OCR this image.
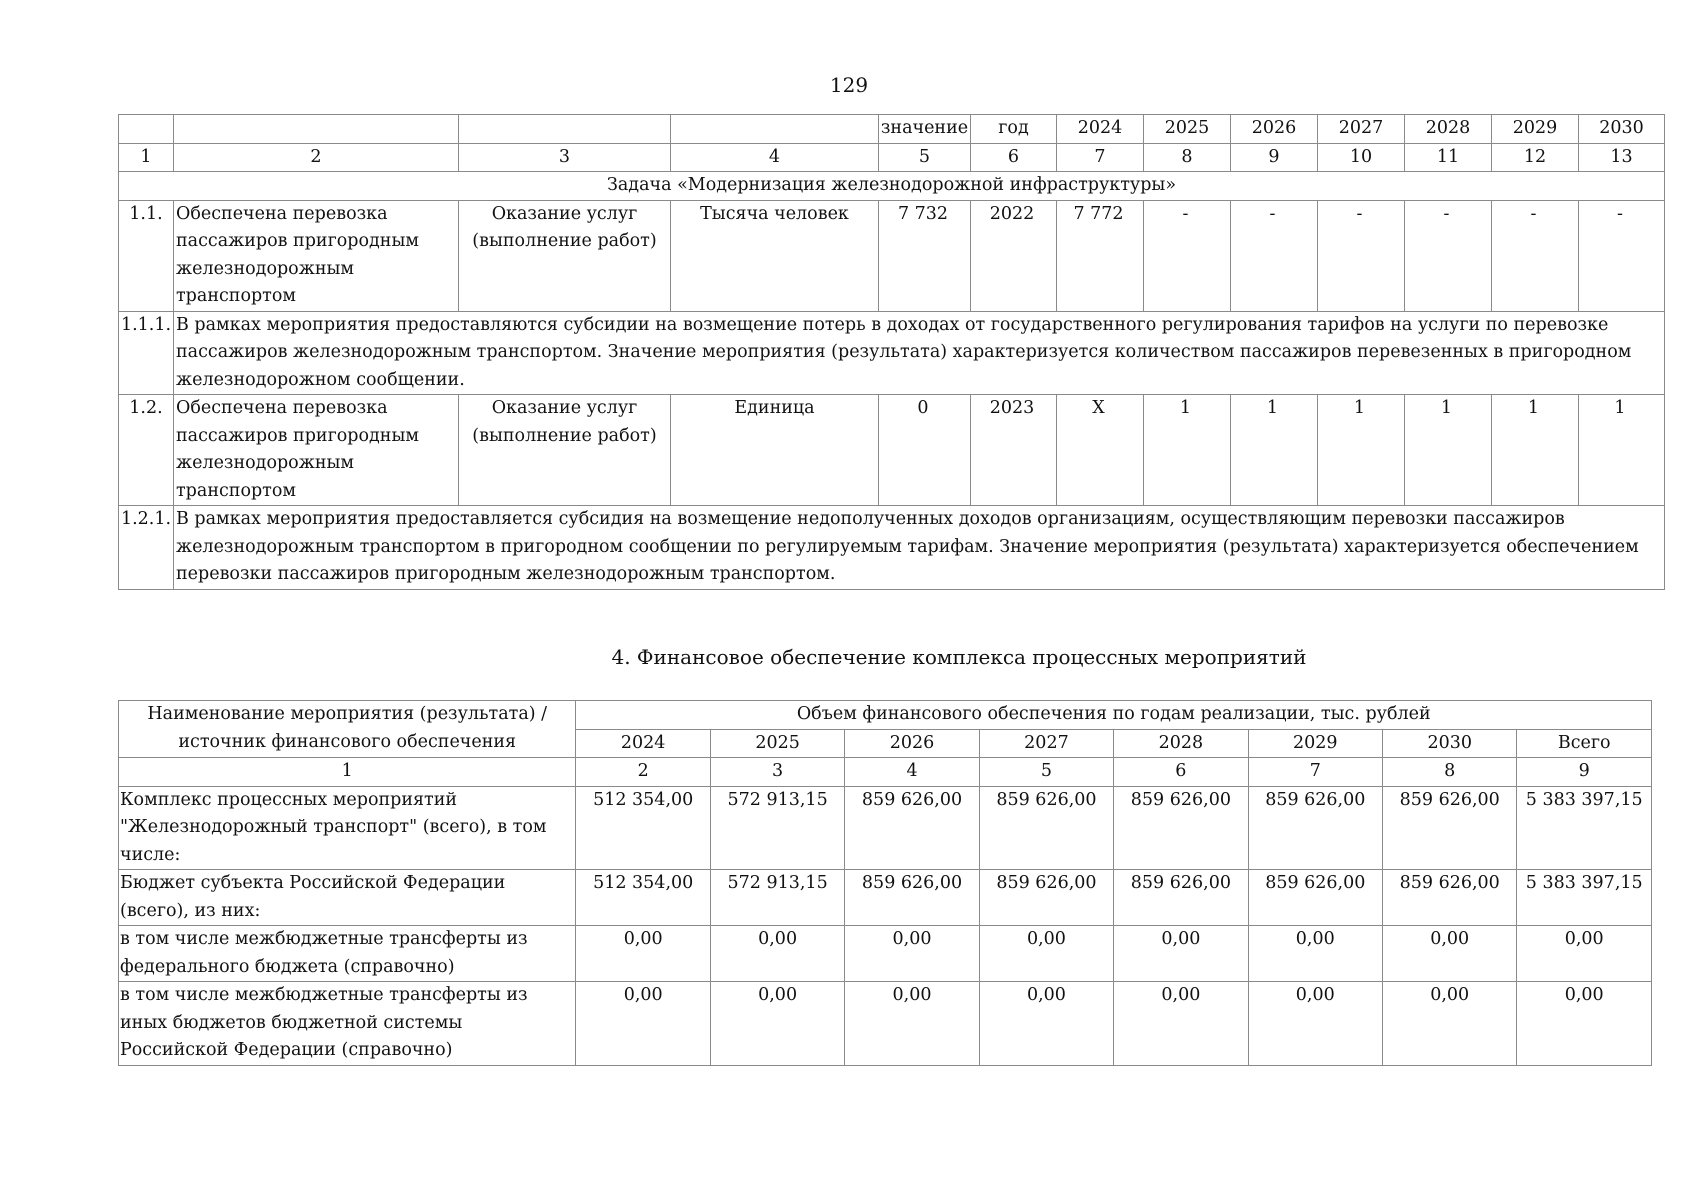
129
				значение	год	2024	2025	2026	2027	2028	2029	2030
1	2	3	4	5	6	7	8	9	10	11	12	13
Задача «Модернизация железнодорожной инфраструктуры»												
1.1.	Обеспечена перевозка пассажиров пригородным железнодорожным транспортом	Оказание услуг (выполнение работ)	Тысяча человек	7 732	2022	7 772	-	-	-	-	-	-
1.1.1.	В рамках мероприятия предоставляются субсидии на возмещение потерь в доходах от государственного регулирования тарифов на услуги по перевозке пассажиров железнодорожным транспортом. Значение мероприятия (результата) характеризуется количеством пассажиров перевезенных в пригородном железнодорожном сообщении.											
1.2.	Обеспечена перевозка пассажиров пригородным железнодорожным транспортом	Оказание услуг (выполнение работ)	Единица	0	2023	X	1	1	1	1	1	1
1.2.1.	В рамках мероприятия предоставляется субсидия на возмещение недополученных доходов организациям, осуществляющим перевозки пассажиров железнодорожным транспортом в пригородном сообщении по регулируемым тарифам. Значение мероприятия (результата) характеризуется обеспечением перевозки пассажиров пригородным железнодорожным транспортом.											
4. Финансовое обеспечение комплекса процессных мероприятий
Наименование мероприятия (результата) / источник финансового обеспечения	Объем финансового обеспечения по годам реализации, тыс. рублей							
	2024	2025	2026	2027	2028	2029	2030	Всего
1	2	3	4	5	6	7	8	9
Комплекс процессных мероприятий "Железнодорожный транспорт" (всего), в том числе:	512 354,00	572 913,15	859 626,00	859 626,00	859 626,00	859 626,00	859 626,00	5 383 397,15
Бюджет субъекта Российской Федерации (всего), из них:	512 354,00	572 913,15	859 626,00	859 626,00	859 626,00	859 626,00	859 626,00	5 383 397,15
в том числе межбюджетные трансферты из федерального бюджета (справочно)	0,00	0,00	0,00	0,00	0,00	0,00	0,00	0,00
в том числе межбюджетные трансферты из иных бюджетов бюджетной системы Российской Федерации (справочно)	0,00	0,00	0,00	0,00	0,00	0,00	0,00	0,00
